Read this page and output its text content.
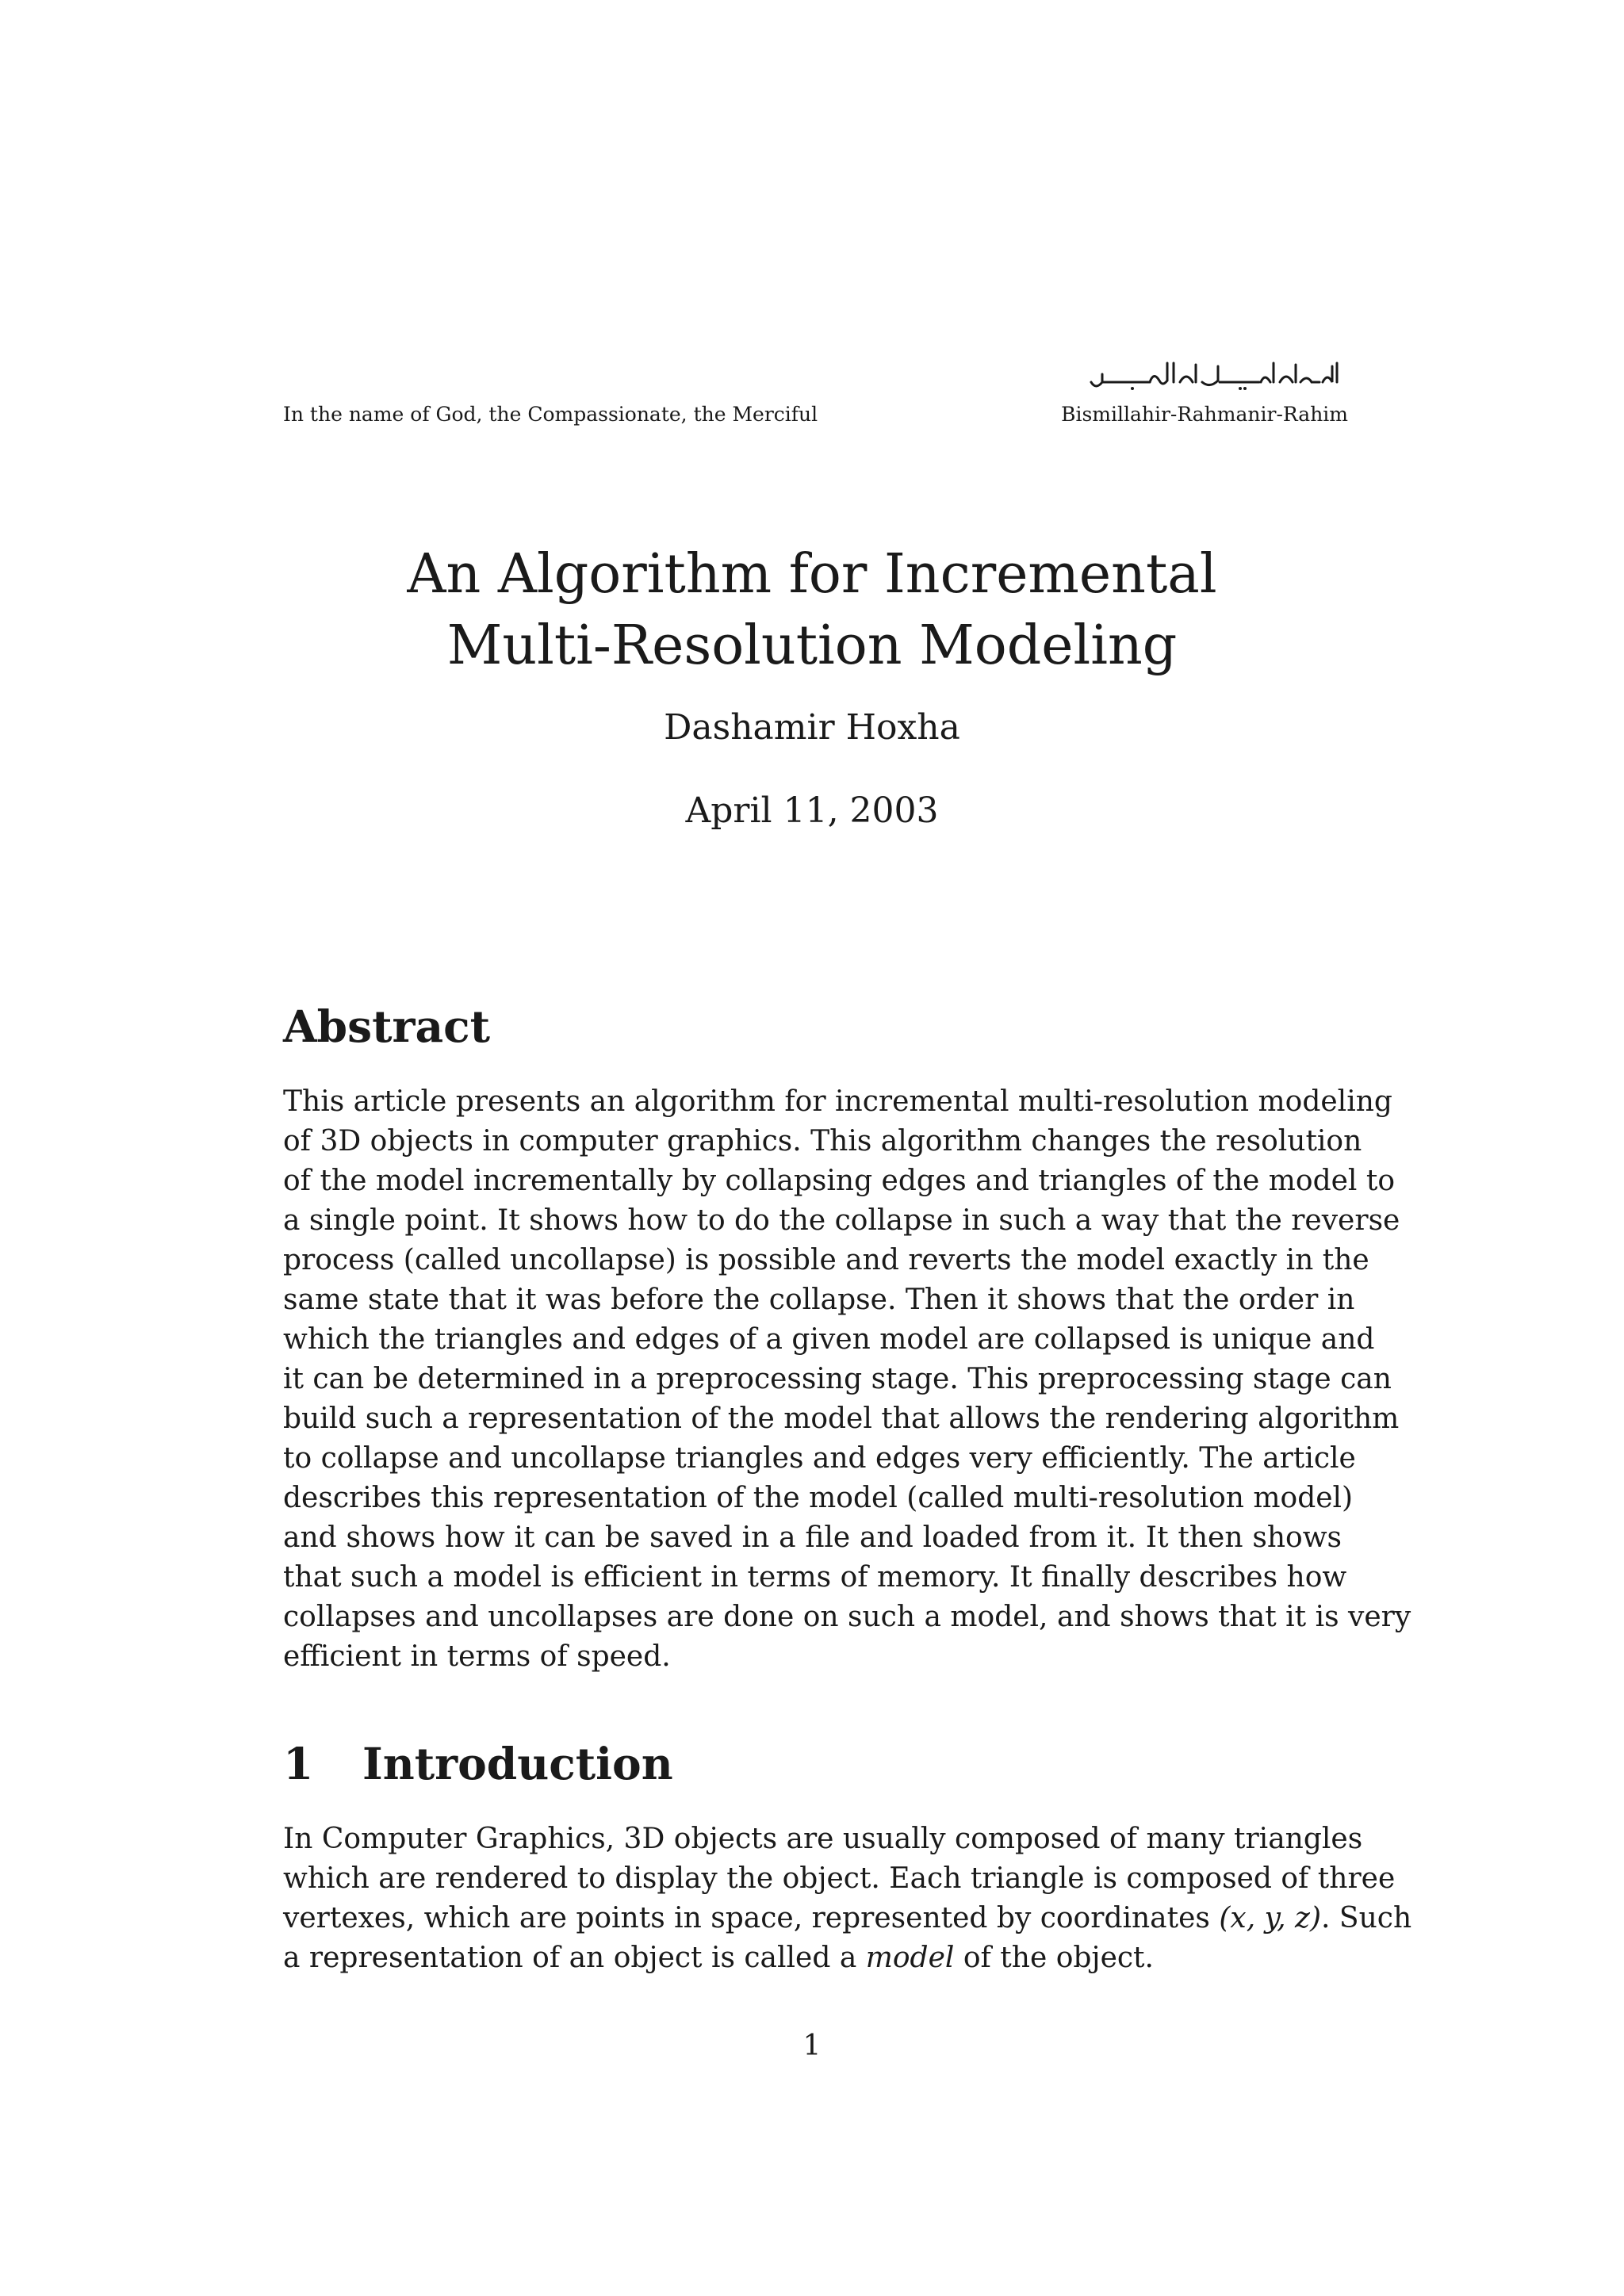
In the name of God, the Compassionate, the Merciful	Bismillahir-Rahmanir-Rahim
An Algorithm for Incremental
Multi-Resolution Modeling
Dashamir Hoxha
April 11, 2003
Abstract
This article presents an algorithm for incremental multi-resolution modeling
of 3D objects in computer graphics. This algorithm changes the resolution
of the model incrementally by collapsing edges and triangles of the model to
a single point. It shows how to do the collapse in such a way that the reverse
process (called uncollapse) is possible and reverts the model exactly in the
same state that it was before the collapse. Then it shows that the order in
which the triangles and edges of a given model are collapsed is unique and
it can be determined in a preprocessing stage. This preprocessing stage can
build such a representation of the model that allows the rendering algorithm
to collapse and uncollapse triangles and edges very efficiently. The article
describes this representation of the model (called multi-resolution model)
and shows how it can be saved in a file and loaded from it. It then shows
that such a model is efficient in terms of memory. It finally describes how
collapses and uncollapses are done on such a model, and shows that it is very
efficient in terms of speed.
1 Introduction
In Computer Graphics, 3D objects are usually composed of many triangles
which are rendered to display the object. Each triangle is composed of three
vertexes, which are points in space, represented by coordinates (x, y, z). Such
a representation of an object is called a model of the object.
1
